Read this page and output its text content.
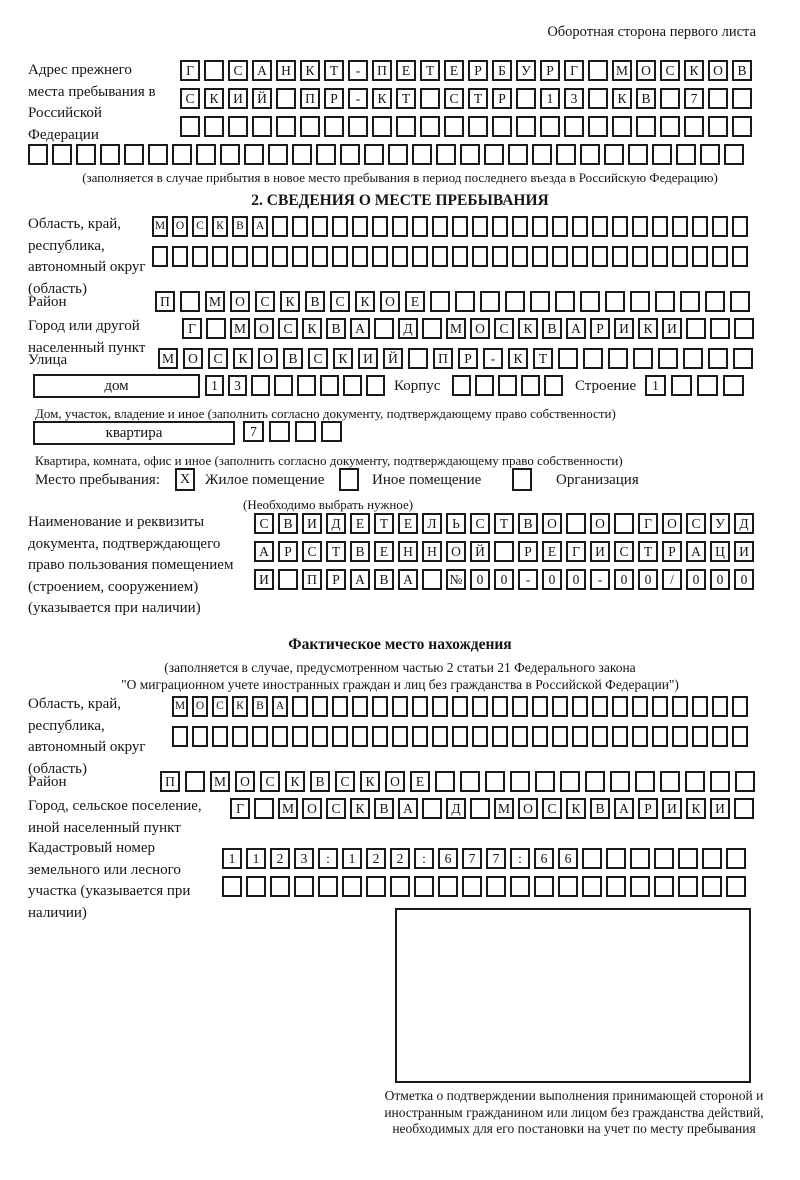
Оборотная сторона первого листа
Адрес прежнего места пребывания в Российской Федерации
Г	С	А	Н	К	Т	-	П	Е	Т	Е	Р	Б	У	Р	Г	М О	С	К	О	В
С	К	И	Й	П	Р	-	К	Т	С	Т	Р	1	3	К	В	7
(заполняется в случае прибытия в новое место пребывания в период последнего въезда в Российскую Федерацию)
2. СВЕДЕНИЯ О МЕСТЕ ПРЕБЫВАНИЯ
Область, край, республика, автономный округ (область)
М О	С	К	В	А
Район	П	М	О	С	К	В	С	К	О	Е
Город или другой населенный пункт
Г	М О	С	К	В	А	Д	М О	С	К	В	А	Р	И	К	И
Улица	М	О	С	К	О	В	С	К	И	Й	П	Р	-	К	Т
дом	1	3	Корпус	Строение	1
Дом, участок, владение и иное (заполнить согласно документу, подтверждающему право собственности)
квартира	7
Квартира, комната, офис и иное (заполнить согласно документу, подтверждающему право собственности)
Место пребывания:	X Жилое помещение	Иное помещение	Организация
(Необходимо выбрать нужное)
Наименование и реквизиты документа, подтверждающего право пользования помещением (строением, сооружением) (указывается при наличии)
С	В	И	Д	Е	Т	Е	Л	Ь	С	Т	В	О	О	Г	О	С	У	Д
А	Р	С	Т	В	Е	Н	Н	О	Й	Р	Е	Г	И	С	Т	Р	А	Ц	И
И	П	Р	А	В	А	№	0	0	-	0	0	-	0	0	/	0	0	0
Фактическое место нахождения
(заполняется в случае, предусмотренном частью 2 статьи 21 Федерального закона
"О миграционном учете иностранных граждан и лиц без гражданства в Российской Федерации")
Область, край, республика, автономный округ (область)
М О	С	К	В	А
Район	П	М	О	С	К	В	С	К	О	Е
Город, сельское поселение, иной населенный пункт
Г	М О	С	К	В	А	Д	М О	С	К	В	А	Р	И	К	И
Кадастровый номер земельного или лесного участка (указывается при наличии)
1	1	2	3	:	1	2	2	:	6	7	7	:	6	6
Отметка о подтверждении выполнения принимающей стороной и иностранным гражданином или лицом без гражданства действий, необходимых для его постановки на учет по месту пребывания
